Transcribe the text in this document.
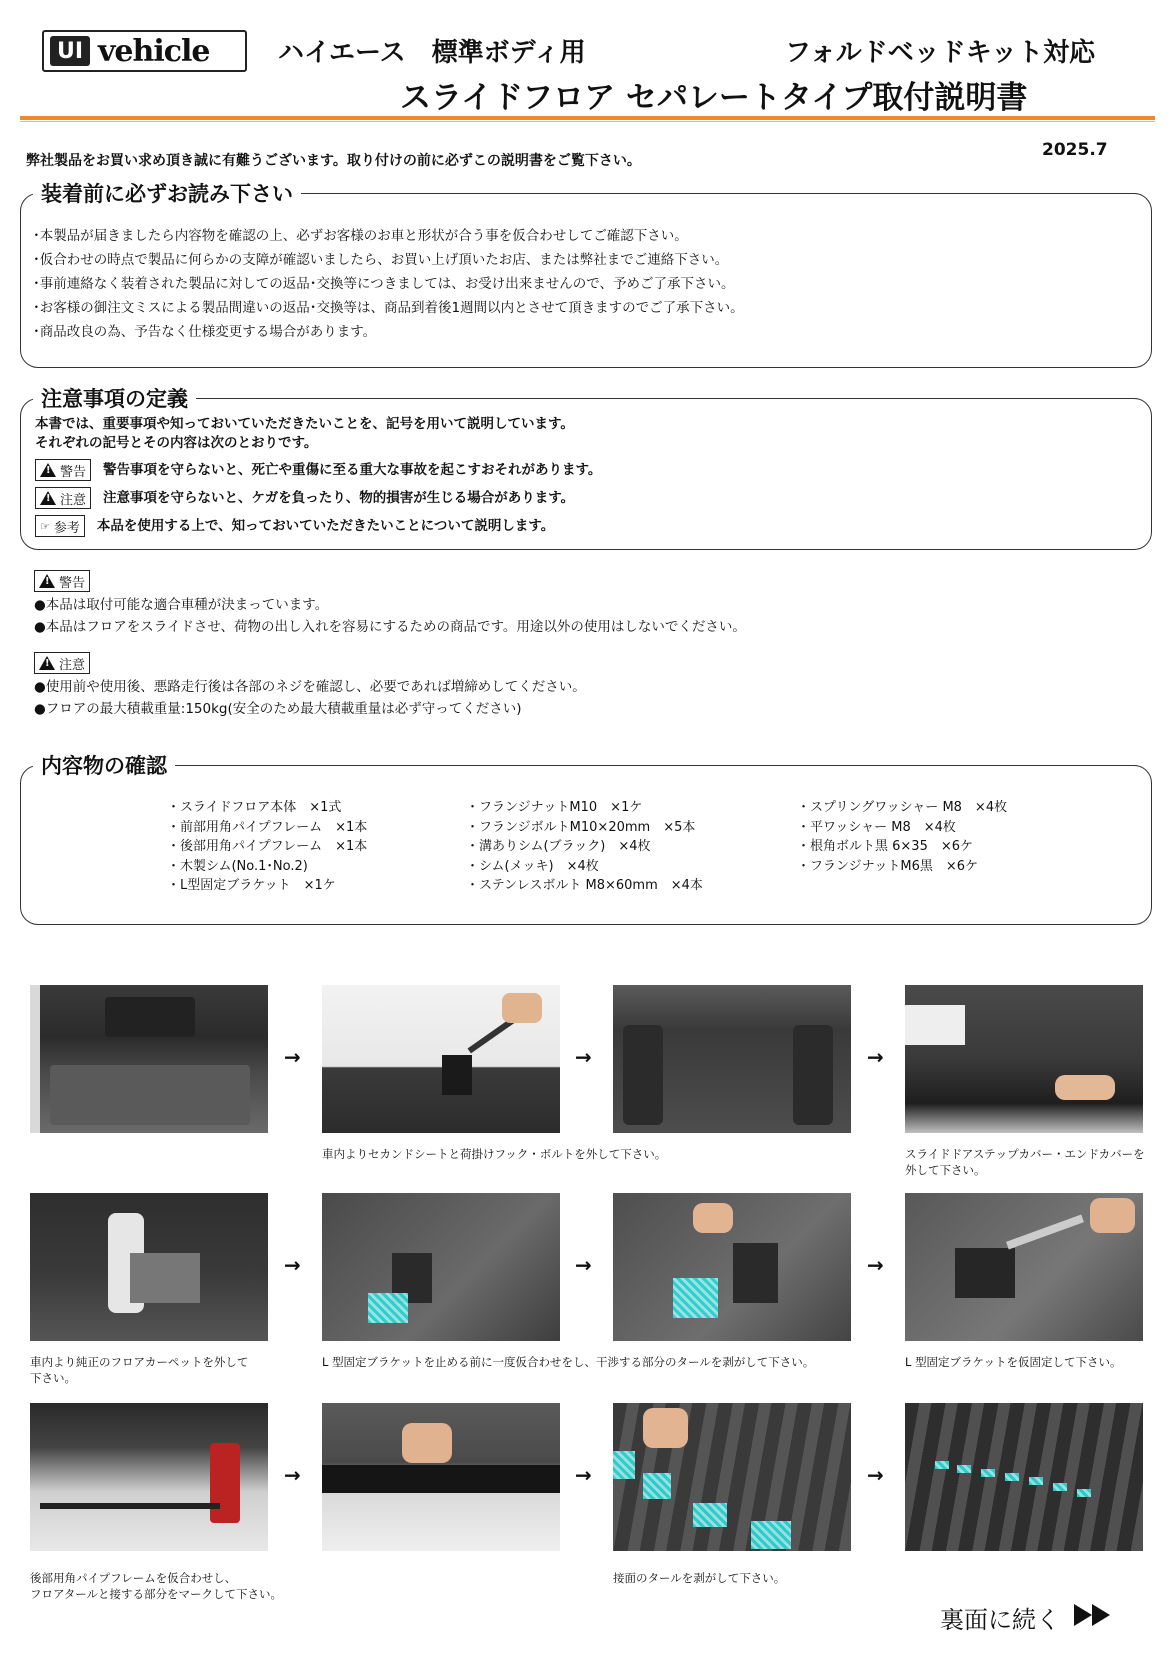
UI vehicle	ハイエース　標準ボディ用	フォルドベッドキット対応
スライドフロア セパレートタイプ取付説明書
弊社製品をお買い求め頂き誠に有難うございます。取り付けの前に必ずこの説明書をご覧下さい。
2025.7
装着前に必ずお読み下さい
･本製品が届きましたら内容物を確認の上、必ずお客様のお車と形状が合う事を仮合わせしてご確認下さい。
･仮合わせの時点で製品に何らかの支障が確認いましたら、お買い上げ頂いたお店、または弊社までご連絡下さい。
･事前連絡なく装着された製品に対しての返品･交換等につきましては、お受け出来ませんので、予めご了承下さい。
･お客様の御注文ミスによる製品間違いの返品･交換等は、商品到着後1週間以内とさせて頂きますのでご了承下さい。
･商品改良の為、予告なく仕様変更する場合があります。
注意事項の定義
本書では、重要事項や知っておいていただきたいことを、記号を用いて説明しています。
それぞれの記号とその内容は次のとおりです。
!
警告 警告事項を守らないと、死亡や重傷に至る重大な事故を起こすおそれがあります。
!
注意 注意事項を守らないと、ケガを負ったり、物的損害が生じる場合があります。
☞ 参考 本品を使用する上で、知っておいていただきたいことについて説明します。
!
警告
●本品は取付可能な適合車種が決まっています。
●本品はフロアをスライドさせ、荷物の出し入れを容易にするための商品です。用途以外の使用はしないでください。
!
注意
●使用前や使用後、悪路走行後は各部のネジを確認し、必要であれば増締めしてください。
●フロアの最大積載重量:150kg(安全のため最大積載重量は必ず守ってください)
内容物の確認
・スライドフロア本体　×1式
・前部用角パイプフレーム　×1本
・後部用角パイプフレーム　×1本
・木製シム(No.1･No.2)
・L型固定ブラケット　×1ケ
・フランジナットM10　×1ケ
・フランジボルトM10×20mm　×5本
・溝ありシム(ブラック)　×4枚
・シム(メッキ)　×4枚
・ステンレスボルト M8×60mm　×4本
・スプリングワッシャー M8　×4枚
・平ワッシャー M8　×4枚
・根角ボルト黒 6×35　×6ケ
・フランジナットM6黒　×6ケ
→	→	→
車内よりセカンドシートと荷掛けフック・ボルトを外して下さい。	スライドドアステップカバー・エンドカバーを
外して下さい。
→	→	→
車内より純正のフロアカーペットを外して
下さい。
L 型固定ブラケットを止める前に一度仮合わせをし、干渉する部分のタールを剥がして下さい。	L 型固定ブラケットを仮固定して下さい。
→	→	→
後部用角パイプフレームを仮合わせし、
フロアタールと接する部分をマークして下さい。
接面のタールを剥がして下さい。
裏面に続く
